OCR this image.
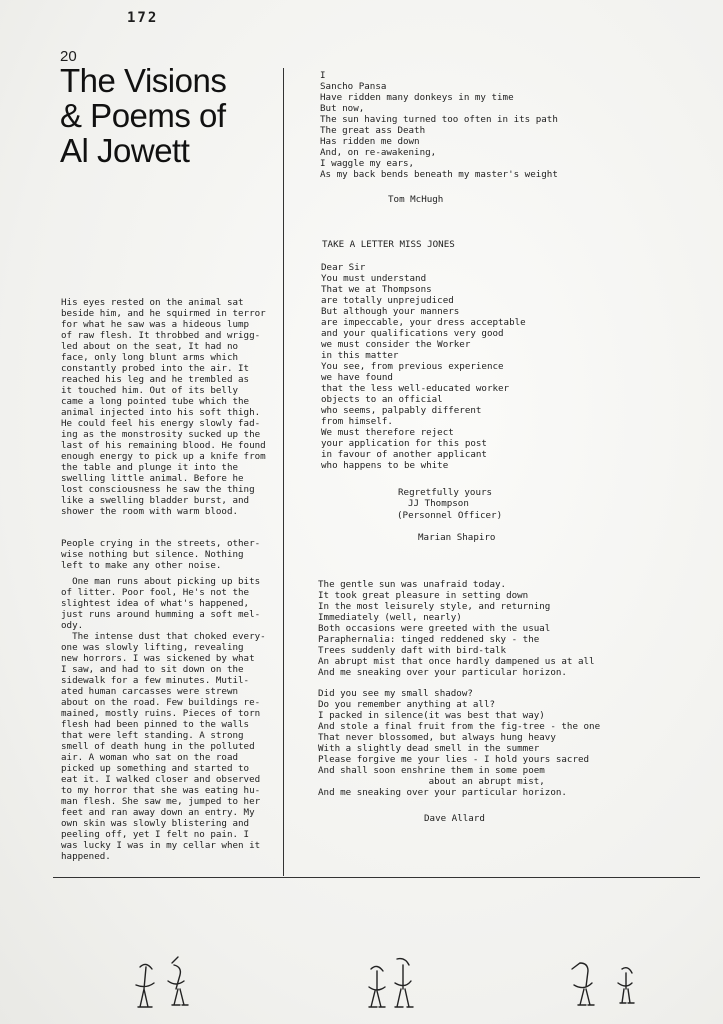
172
20
The Visions
& Poems of
Al Jowett
His eyes rested on the animal sat
beside him, and he squirmed in terror
for what he saw was a hideous lump
of raw flesh. It throbbed and wrigg-
led about on the seat, It had no
face, only long blunt arms which
constantly probed into the air. It
reached his leg and he trembled as
it touched him. Out of its belly
came a long pointed tube which the
animal injected into his soft thigh.
He could feel his energy slowly fad-
ing as the monstrosity sucked up the
last of his remaining blood. He found
enough energy to pick up a knife from
the table and plunge it into the
swelling little animal. Before he
lost consciousness he saw the thing
like a swelling bladder burst, and
shower the room with warm blood.
People crying in the streets, other-
wise nothing but silence. Nothing
left to make any other noise.
One man runs about picking up bits
of litter. Poor fool, He's not the
slightest idea of what's happened,
just runs around humming a soft mel-
ody.
The intense dust that choked every-
one was slowly lifting, revealing
new horrors. I was sickened by what
I saw, and had to sit down on the
sidewalk for a few minutes. Mutil-
ated human carcasses were strewn
about on the road. Few buildings re-
mained, mostly ruins. Pieces of torn
flesh had been pinned to the walls
that were left standing. A strong
smell of death hung in the polluted
air. A woman who sat on the road
picked up something and started to
eat it. I walked closer and observed
to my horror that she was eating hu-
man flesh. She saw me, jumped to her
feet and ran away down an entry. My
own skin was slowly blistering and
peeling off, yet I felt no pain. I
was lucky I was in my cellar when it
happened.
I
Sancho Pansa
Have ridden many donkeys in my time
But now,
The sun having turned too often in its path
The great ass Death
Has ridden me down
And, on re-awakening,
I waggle my ears,
As my back bends beneath my master's weight
Tom McHugh
TAKE A LETTER MISS JONES
Dear Sir
You must understand
That we at Thompsons
are totally unprejudiced
But although your manners
are impeccable, your dress acceptable
and your qualifications very good
we must consider the Worker
in this matter
You see, from previous experience
we have found
that the less well-educated worker
objects to an official
who seems, palpably different
from himself.
We must therefore reject
your application for this post
in favour of another applicant
who happens to be white
Regretfully yours
JJ Thompson
(Personnel Officer)
Marian Shapiro
The gentle sun was unafraid today.
It took great pleasure in setting down
In the most leisurely style, and returning
Immediately (well, nearly)
Both occasions were greeted with the usual
Paraphernalia: tinged reddened sky - the
Trees suddenly daft with bird-talk
An abrupt mist that once hardly dampened us at all
And me sneaking over your particular horizon.
Did you see my small shadow?
Do you remember anything at all?
I packed in silence(it was best that way)
And stole a final fruit from the fig-tree - the one
That never blossomed, but always hung heavy
With a slightly dead smell in the summer
Please forgive me your lies - I hold yours sacred
And shall soon enshrine them in some poem
about an abrupt mist,
And me sneaking over your particular horizon.
Dave Allard
